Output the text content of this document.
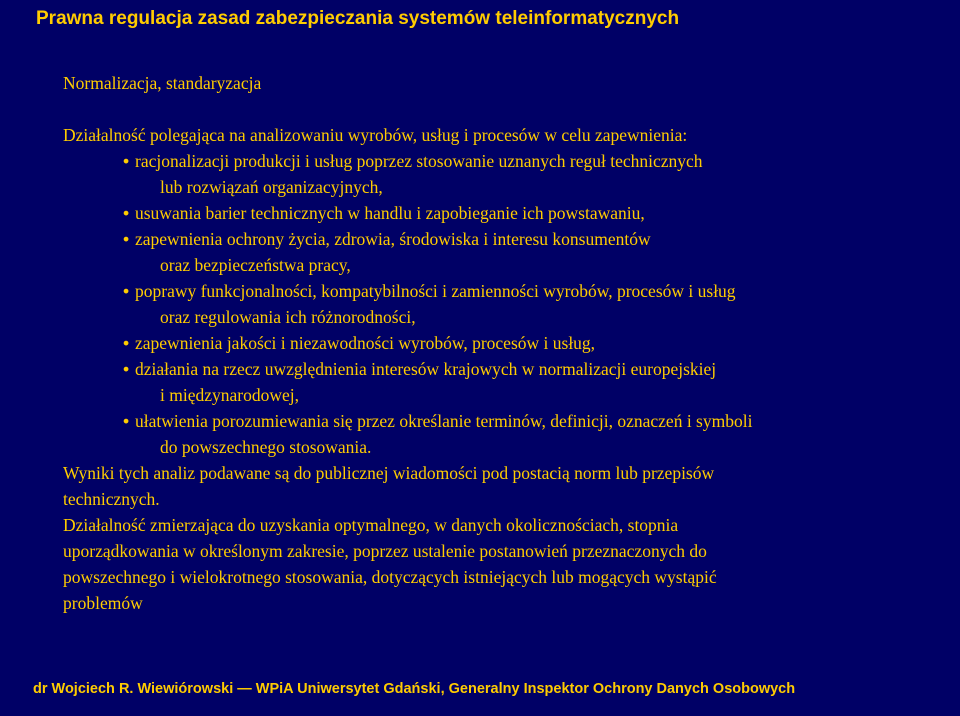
Prawna regulacja zasad zabezpieczania systemów teleinformatycznych

Normalizacja, standaryzacja

Działalność polegająca na analizowaniu wyrobów, usług i procesów w celu zapewnienia:

• racjonalizacji produkcji i usług poprzez stosowanie uznanych reguł technicznych
lub rozwiązań organizacyjnych,
• usuwania barier technicznych w handlu i zapobieganie ich powstawaniu,
• zapewnienia ochrony życia, zdrowia, środowiska i interesu konsumentów
oraz bezpieczeństwa pracy,
• poprawy funkcjonalności, kompatybilności i zamienności wyrobów, procesów i usług
oraz regulowania ich różnorodności,
• zapewnienia jakości i niezawodności wyrobów, procesów i usług,
• działania na rzecz uwzględnienia interesów krajowych w normalizacji europejskiej
i międzynarodowej,
• ułatwienia porozumiewania się przez określanie terminów, definicji, oznaczeń i symboli
do powszechnego stosowania.

Wyniki tych analiz podawane są do publicznej wiadomości pod postacią norm lub przepisów
technicznych.

Działalność zmierzająca do uzyskania optymalnego, w danych okolicznościach, stopnia
uporządkowania w określonym zakresie, poprzez ustalenie postanowień przeznaczonych do
powszechnego i wielokrotnego stosowania, dotyczących istniejących lub mogących wystąpić
problemów

dr Wojciech R. Wiewiórowski — WPiA Uniwersytet Gdański, Generalny Inspektor Ochrony Danych Osobowych
